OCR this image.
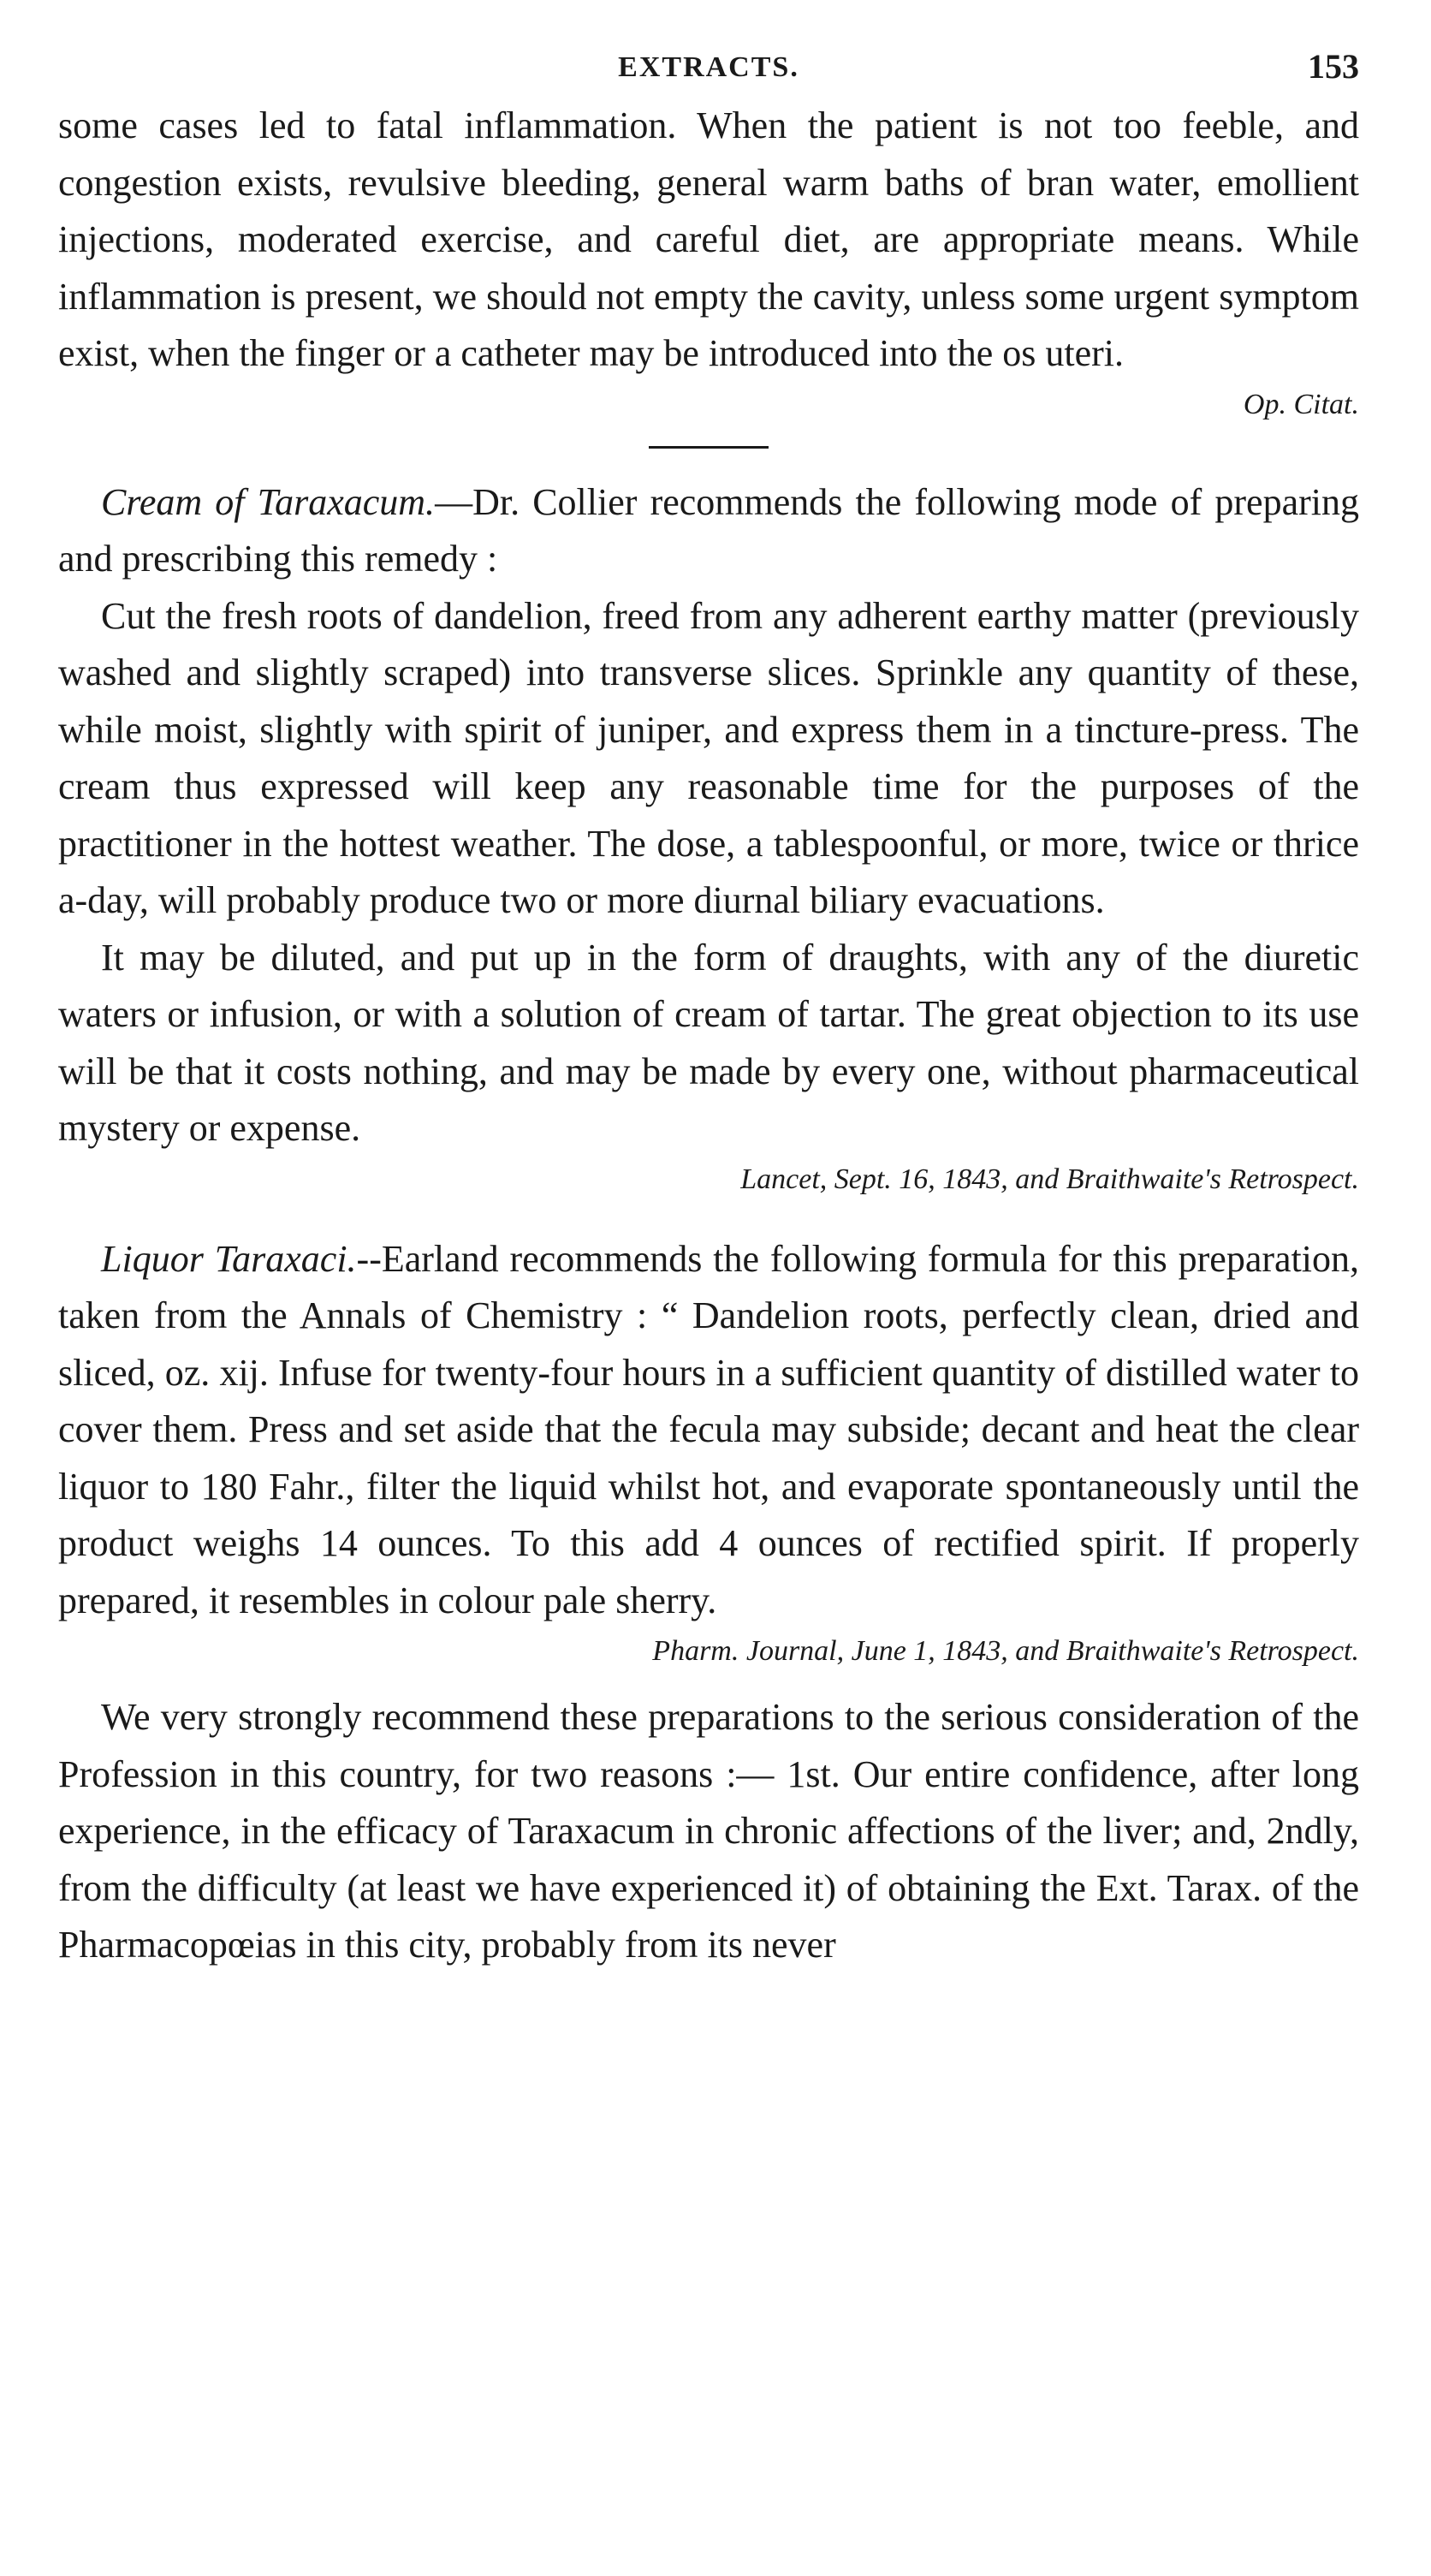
EXTRACTS.	153

some cases led to fatal inflammation. When the patient is not too feeble, and congestion exists, revulsive bleeding, general warm baths of bran water, emollient injections, moderated exercise, and careful diet, are appropriate means. While inflammation is present, we should not empty the cavity, unless some urgent symptom exist, when the finger or a catheter may be introduced into the os uteri.

Op. Citat.

Cream of Taraxacum.—Dr. Collier recommends the following mode of preparing and prescribing this remedy :

Cut the fresh roots of dandelion, freed from any adherent earthy matter (previously washed and slightly scraped) into transverse slices. Sprinkle any quantity of these, while moist, slightly with spirit of juniper, and express them in a tincture-press. The cream thus expressed will keep any reasonable time for the purposes of the practitioner in the hottest weather. The dose, a tablespoonful, or more, twice or thrice a-day, will probably produce two or more diurnal biliary evacuations.

It may be diluted, and put up in the form of draughts, with any of the diuretic waters or infusion, or with a solution of cream of tartar. The great objection to its use will be that it costs nothing, and may be made by every one, without pharmaceutical mystery or expense.

Lancet, Sept. 16, 1843, and Braithwaite's Retrospect.

Liquor Taraxaci.--Earland recommends the following formula for this preparation, taken from the Annals of Chemistry : “ Dandelion roots, perfectly clean, dried and sliced, oz. xij. Infuse for twenty-four hours in a sufficient quantity of distilled water to cover them. Press and set aside that the fecula may subside; decant and heat the clear liquor to 180 Fahr., filter the liquid whilst hot, and evaporate spontaneously until the product weighs 14 ounces. To this add 4 ounces of rectified spirit. If properly prepared, it resembles in colour pale sherry.

Pharm. Journal, June 1, 1843, and Braithwaite's Retrospect.

We very strongly recommend these preparations to the serious consideration of the Profession in this country, for two reasons :— 1st. Our entire confidence, after long experience, in the efficacy of Taraxacum in chronic affections of the liver; and, 2ndly, from the difficulty (at least we have experienced it) of obtaining the Ext. Tarax. of the Pharmacopœias in this city, probably from its never
